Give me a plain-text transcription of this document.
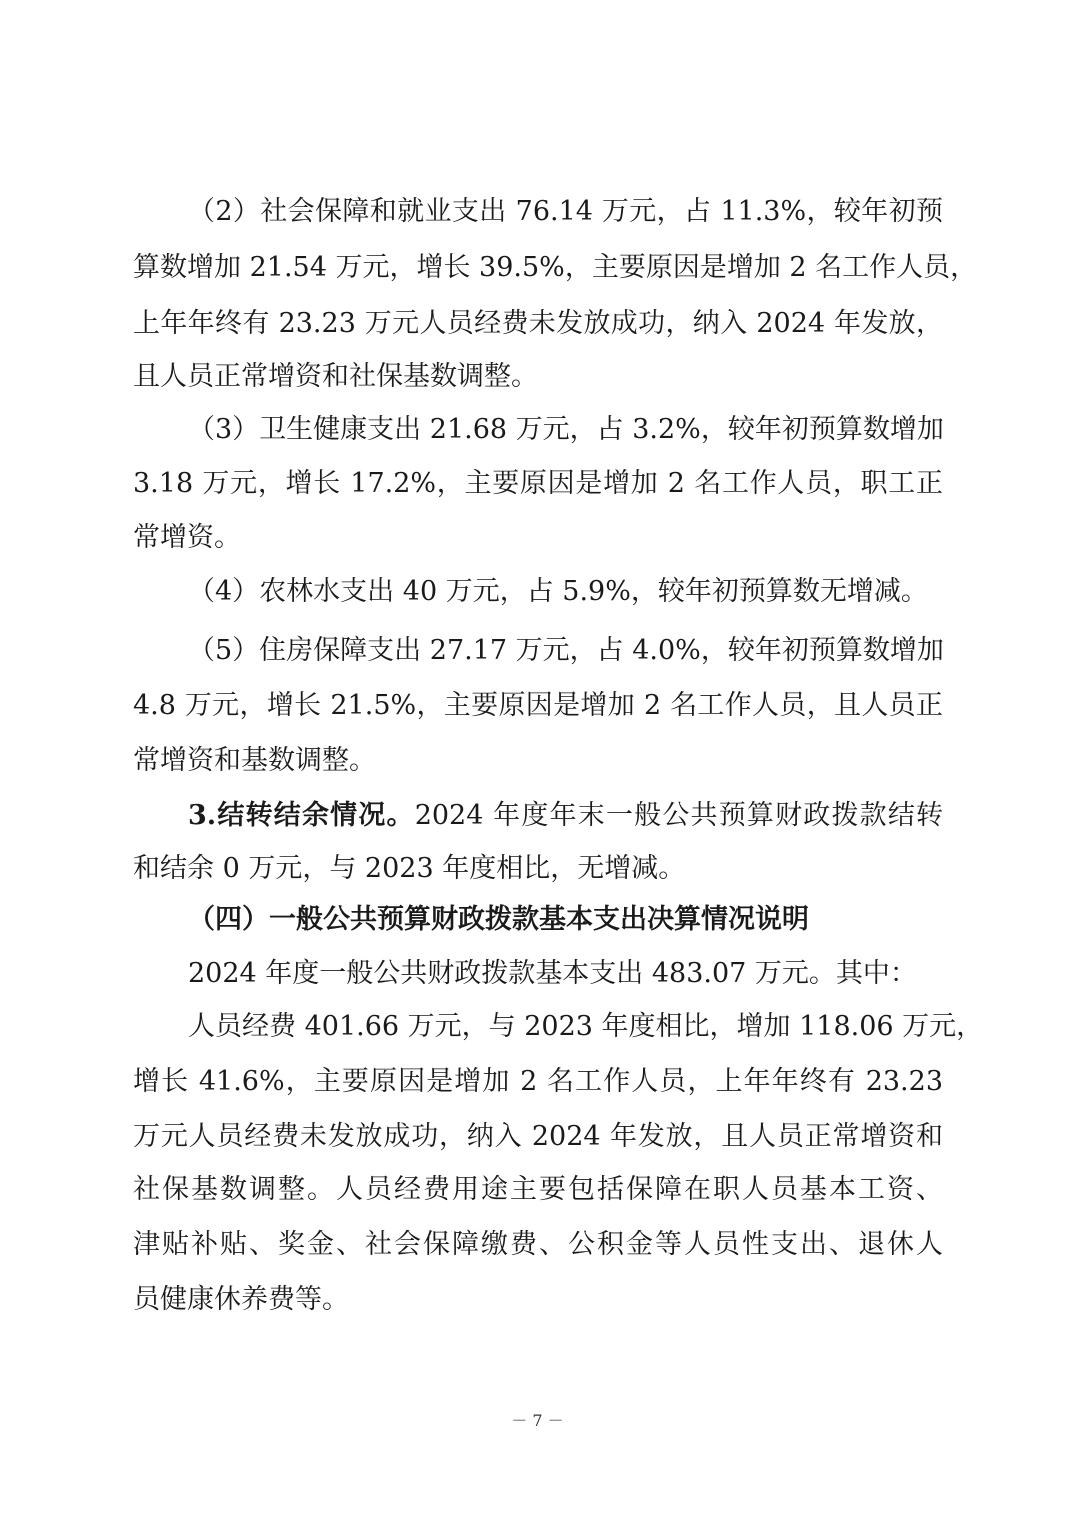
（2）社会保障和就业支出 76.14 万元，占 11.3%，较年初预
算数增加 21.54 万元，增长 39.5%，主要原因是增加 2 名工作人员，
上年年终有 23.23 万元人员经费未发放成功，纳入 2024 年发放，
且人员正常增资和社保基数调整。
（3）卫生健康支出 21.68 万元，占 3.2%，较年初预算数增加
3.18 万元，增长 17.2%，主要原因是增加 2 名工作人员，职工正
常增资。
（4）农林水支出 40 万元，占 5.9%，较年初预算数无增减。
（5）住房保障支出 27.17 万元，占 4.0%，较年初预算数增加
4.8 万元，增长 21.5%，主要原因是增加 2 名工作人员，且人员正
常增资和基数调整。
3.结转结余情况。2024 年度年末一般公共预算财政拨款结转
和结余 0 万元，与 2023 年度相比，无增减。
（四）一般公共预算财政拨款基本支出决算情况说明
2024 年度一般公共财政拨款基本支出 483.07 万元。其中：
人员经费 401.66 万元，与 2023 年度相比，增加 118.06 万元，
增长 41.6%，主要原因是增加 2 名工作人员，上年年终有 23.23
万元人员经费未发放成功，纳入 2024 年发放，且人员正常增资和
社保基数调整。人员经费用途主要包括保障在职人员基本工资、
津贴补贴、奖金、社会保障缴费、公积金等人员性支出、退休人
员健康休养费等。
－ 7 －
